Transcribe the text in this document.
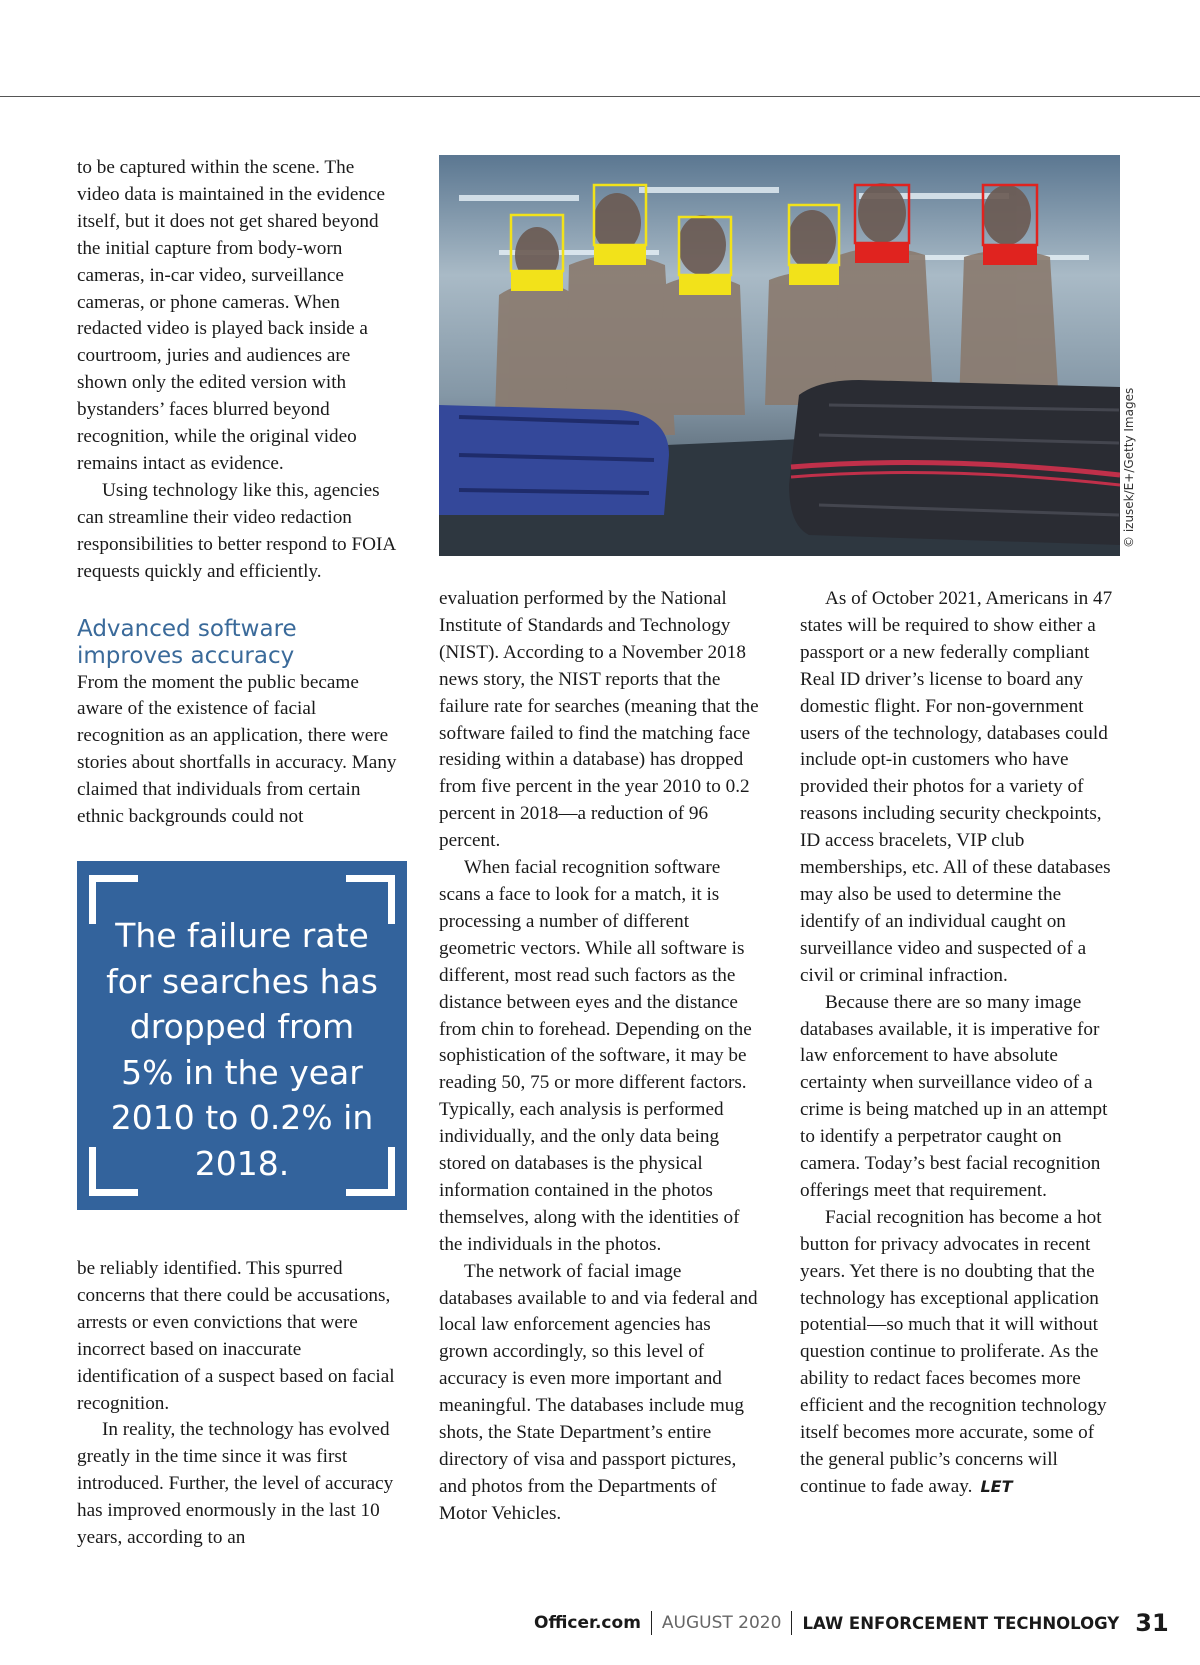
to be captured within the scene. The video data is maintained in the evidence itself, but it does not get shared beyond the initial capture from body-worn cameras, in-car video, surveillance cameras, or phone cameras. When redacted video is played back inside a courtroom, juries and audiences are shown only the edited version with bystanders’ faces blurred beyond recognition, while the original video remains intact as evidence.

Using technology like this, agencies can streamline their video redaction responsibilities to better respond to FOIA requests quickly and efficiently.

Advanced software improves accuracy

From the moment the public became aware of the existence of facial recognition as an application, there were stories about shortfalls in accuracy. Many claimed that individuals from certain ethnic backgrounds could not

The failure rate for searches has dropped from 5% in the year 2010 to 0.2% in 2018.

be reliably identified. This spurred concerns that there could be accusations, arrests or even convictions that were incorrect based on inaccurate identification of a suspect based on facial recognition.

In reality, the technology has evolved greatly in the time since it was first introduced. Further, the level of accuracy has improved enormously in the last 10 years, according to an

© izusek/E+/Getty Images

evaluation performed by the National Institute of Standards and Technology (NIST). According to a November 2018 news story, the NIST reports that the failure rate for searches (meaning that the software failed to find the matching face residing within a database) has dropped from five percent in the year 2010 to 0.2 percent in 2018—a reduction of 96 percent.

When facial recognition software scans a face to look for a match, it is processing a number of different geometric vectors. While all software is different, most read such factors as the distance between eyes and the distance from chin to forehead. Depending on the sophistication of the software, it may be reading 50, 75 or more different factors. Typically, each analysis is performed individually, and the only data being stored on databases is the physical information contained in the photos themselves, along with the identities of the individuals in the photos.

The network of facial image databases available to and via federal and local law enforcement agencies has grown accordingly, so this level of accuracy is even more important and meaningful. The databases include mug shots, the State Department’s entire directory of visa and passport pictures, and photos from the Departments of Motor Vehicles.

As of October 2021, Americans in 47 states will be required to show either a passport or a new federally compliant Real ID driver’s license to board any domestic flight. For non-government users of the technology, databases could include opt-in customers who have provided their photos for a variety of reasons including security checkpoints, ID access bracelets, VIP club memberships, etc. All of these databases may also be used to determine the identify of an individual caught on surveillance video and suspected of a civil or criminal infraction.

Because there are so many image databases available, it is imperative for law enforcement to have absolute certainty when surveillance video of a crime is being matched up in an attempt to identify a perpetrator caught on camera. Today’s best facial recognition offerings meet that requirement.

Facial recognition has become a hot button for privacy advocates in recent years. Yet there is no doubting that the technology has exceptional application potential—so much that it will without question continue to proliferate. As the ability to redact faces becomes more efficient and the recognition technology itself becomes more accurate, some of the general public’s concerns will continue to fade away. LET

Officer.com AUGUST 2020 LAW ENFORCEMENT TECHNOLOGY 31
